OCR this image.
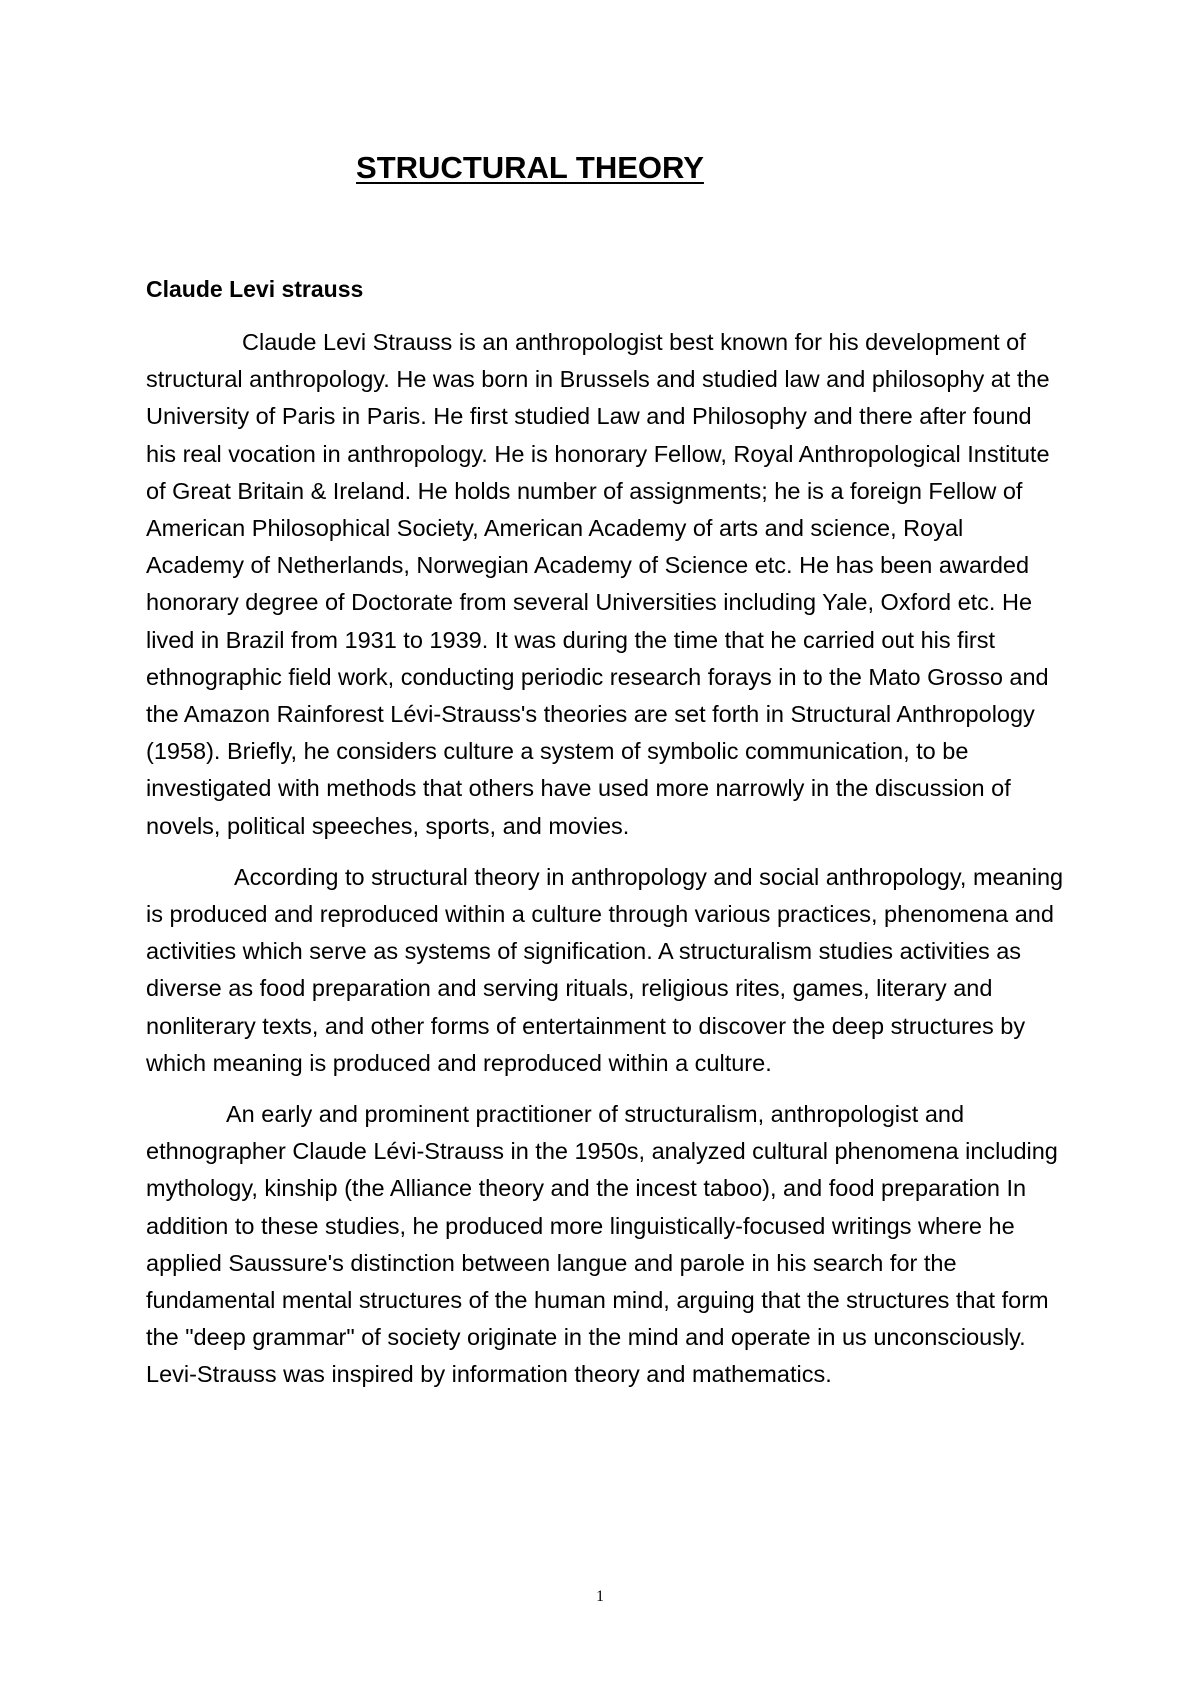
STRUCTURAL THEORY
Claude Levi strauss

Claude Levi Strauss is an anthropologist best known for his development of structural anthropology. He was born in Brussels and studied law and philosophy at the University of Paris in Paris. He first studied Law and Philosophy and there after found his real vocation in anthropology. He is honorary Fellow, Royal Anthropological Institute of Great Britain & Ireland. He holds number of assignments; he is a foreign Fellow of American Philosophical Society, American Academy of arts and science, Royal Academy of Netherlands, Norwegian Academy of Science etc. He has been awarded honorary degree of Doctorate from several Universities including Yale, Oxford etc. He lived in Brazil from 1931 to 1939. It was during the time that he carried out his first ethnographic field work, conducting periodic research forays in to the Mato Grosso and the Amazon Rainforest Lévi-Strauss's theories are set forth in Structural Anthropology (1958). Briefly, he considers culture a system of symbolic communication, to be investigated with methods that others have used more narrowly in the discussion of novels, political speeches, sports, and movies.

According to structural theory in anthropology and social anthropology, meaning is produced and reproduced within a culture through various practices, phenomena and activities which serve as systems of signification. A structuralism studies activities as diverse as food preparation and serving rituals, religious rites, games, literary and nonliterary texts, and other forms of entertainment to discover the deep structures by which meaning is produced and reproduced within a culture.

An early and prominent practitioner of structuralism, anthropologist and ethnographer Claude Lévi-Strauss in the 1950s, analyzed cultural phenomena including mythology, kinship (the Alliance theory and the incest taboo), and food preparation In addition to these studies, he produced more linguistically-focused writings where he applied Saussure's distinction between langue and parole in his search for the fundamental mental structures of the human mind, arguing that the structures that form the "deep grammar" of society originate in the mind and operate in us unconsciously. Levi-Strauss was inspired by information theory and mathematics.

1
